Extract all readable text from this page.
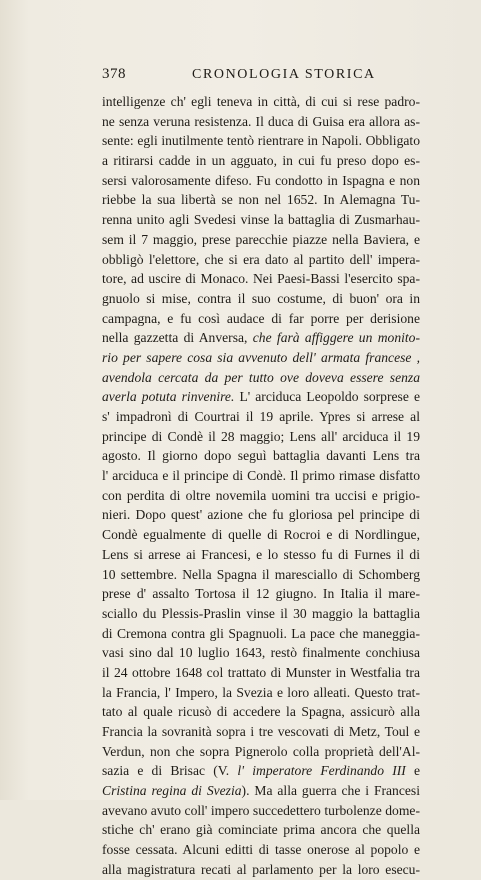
378	CRONOLOGIA STORICA
intelligenze ch' egli teneva in città, di cui si rese padro-
ne senza veruna resistenza. Il duca di Guisa era allora as-
sente: egli inutilmente tentò rientrare in Napoli. Obbligato
a ritirarsi cadde in un agguato, in cui fu preso dopo es-
sersi valorosamente difeso. Fu condotto in Ispagna e non
riebbe la sua libertà se non nel 1652. In Alemagna Tu-
renna unito agli Svedesi vinse la battaglia di Zusmarhau-
sem il 7 maggio, prese parecchie piazze nella Baviera, e
obbligò l'elettore, che si era dato al partito dell' impera-
tore, ad uscire di Monaco. Nei Paesi-Bassi l'esercito spa-
gnuolo si mise, contra il suo costume, di buon' ora in
campagna, e fu così audace di far porre per derisione
nella gazzetta di Anversa, che farà affiggere un monito-
rio per sapere cosa sia avvenuto dell' armata francese ,
avendola cercata da per tutto ove doveva essere senza
averla potuta rinvenire. L' arciduca Leopoldo sorprese e
s' impadronì di Courtrai il 19 aprile. Ypres si arrese al
principe di Condè il 28 maggio; Lens all' arciduca il 19
agosto. Il giorno dopo seguì battaglia davanti Lens tra
l' arciduca e il principe di Condè. Il primo rimase disfatto
con perdita di oltre novemila uomini tra uccisi e prigio-
nieri. Dopo quest' azione che fu gloriosa pel principe di
Condè egualmente di quelle di Rocroi e di Nordlingue,
Lens si arrese ai Francesi, e lo stesso fu di Furnes il di
10 settembre. Nella Spagna il maresciallo di Schomberg
prese d' assalto Tortosa il 12 giugno. In Italia il mare-
sciallo du Plessis-Praslin vinse il 30 maggio la battaglia
di Cremona contra gli Spagnuoli. La pace che maneggia-
vasi sino dal 10 luglio 1643, restò finalmente conchiusa
il 24 ottobre 1648 col trattato di Munster in Westfalia tra
la Francia, l' Impero, la Svezia e loro alleati. Questo trat-
tato al quale ricusò di accedere la Spagna, assicurò alla
Francia la sovranità sopra i tre vescovati di Metz, Toul e
Verdun, non che sopra Pignerolo colla proprietà dell'Al-
sazia e di Brisac (V. l' imperatore Ferdinando III e
Cristina regina di Svezia). Ma alla guerra che i Francesi
avevano avuto coll' impero succedettero turbolenze dome-
stiche ch' erano già cominciate prima ancora che quella
fosse cessata. Alcuni editti di tasse onerose al popolo e
alla magistratura recati al parlamento per la loro esecu-
